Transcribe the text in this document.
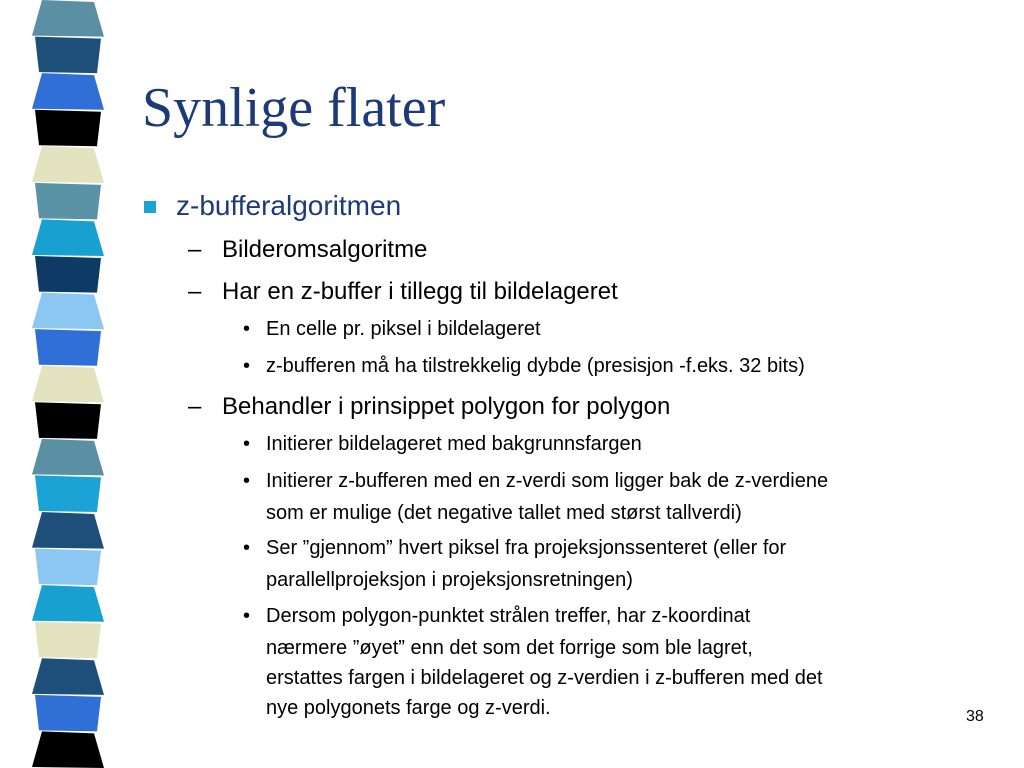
Synlige flater
z-bufferalgoritmen
– Bilderomsalgoritme
– Har en z-buffer i tillegg til bildelageret
• En celle pr. piksel i bildelageret
• z-bufferen må ha tilstrekkelig dybde (presisjon -f.eks. 32 bits)
– Behandler i prinsippet polygon for polygon
• Initierer bildelageret med bakgrunnsfargen
• Initierer z-bufferen med en z-verdi som ligger bak de z-verdiene
som er mulige (det negative tallet med størst tallverdi)
• Ser ”gjennom” hvert piksel fra projeksjonssenteret (eller for
parallellprojeksjon i projeksjonsretningen)
• Dersom polygon-punktet strålen treffer, har z-koordinat
nærmere ”øyet” enn det som det forrige som ble lagret,
erstattes fargen i bildelageret og z-verdien i z-bufferen med det
nye polygonets farge og z-verdi.	38
